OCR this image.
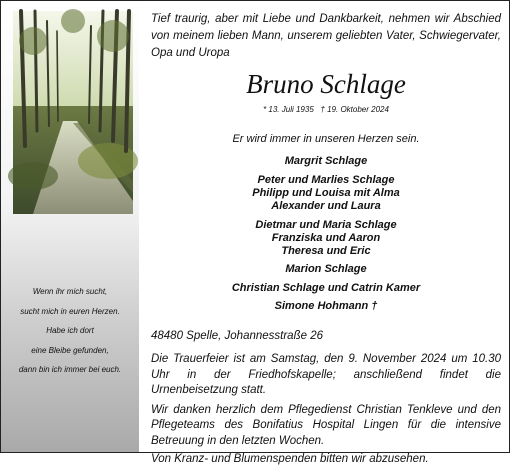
Wenn ihr mich sucht,
sucht mich in euren Herzen.
Habe ich dort
eine Bleibe gefunden,
dann bin ich immer bei euch.

Tief traurig, aber mit Liebe und Dankbarkeit, nehmen wir Abschied von meinem lieben Mann, unserem geliebten Vater, Schwiegervater, Opa und Uropa

Bruno Schlage
* 13. Juli 1935   † 19. Oktober 2024
Er wird immer in unseren Herzen sein.
Margrit Schlage
Peter und Marlies Schlage
Philipp und Louisa mit Alma
Alexander und Laura
Dietmar und Maria Schlage
Franziska und Aaron
Theresa und Eric
Marion Schlage
Christian Schlage und Catrin Kamer
Simone Hohmann †
48480 Spelle, Johannesstraße 26
Die Trauerfeier ist am Samstag, den 9. November 2024 um 10.30 Uhr in der Friedhofskapelle; anschließend findet die Urnenbeisetzung statt.
Wir danken herzlich dem Pflegedienst Christian Tenkleve und den Pflegeteams des Bonifatius Hospital Lingen für die intensive Betreuung in den letzten Wochen.
Von Kranz- und Blumenspenden bitten wir abzusehen.
